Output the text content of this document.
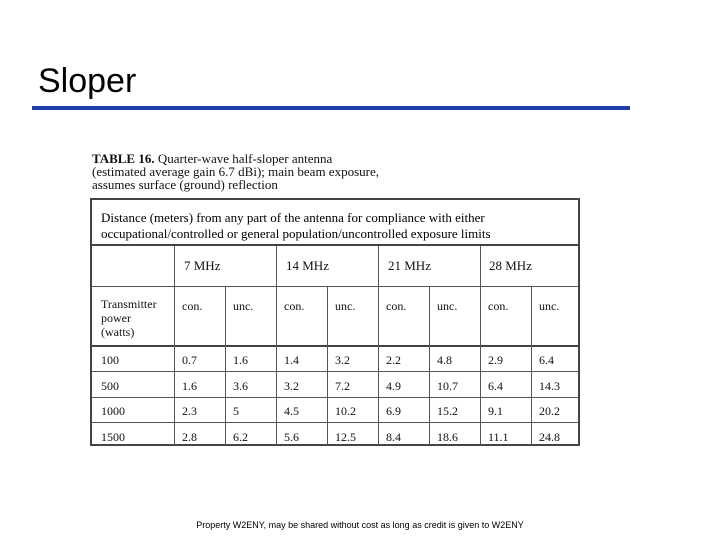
Sloper
TABLE 16. Quarter-wave half-sloper antenna
(estimated average gain 6.7 dBi); main beam exposure,
assumes surface (ground) reflection
Distance (meters) from any part of the antenna for compliance with either
occupational/controlled or general population/uncontrolled exposure limits
7 MHz	14 MHz	21 MHz	28 MHz
Transmitter
power
(watts)
con.	unc.	con.	unc.	con.	unc.	con.	unc.
100	0.7	1.6	1.4	3.2	2.2	4.8	2.9	6.4
500	1.6	3.6	3.2	7.2	4.9	10.7	6.4	14.3
1000	2.3	5	4.5	10.2	6.9	15.2	9.1	20.2
1500	2.8	6.2	5.6	12.5	8.4	18.6	11.1	24.8
Property W2ENY, may be shared without cost as long as credit is given to W2ENY
